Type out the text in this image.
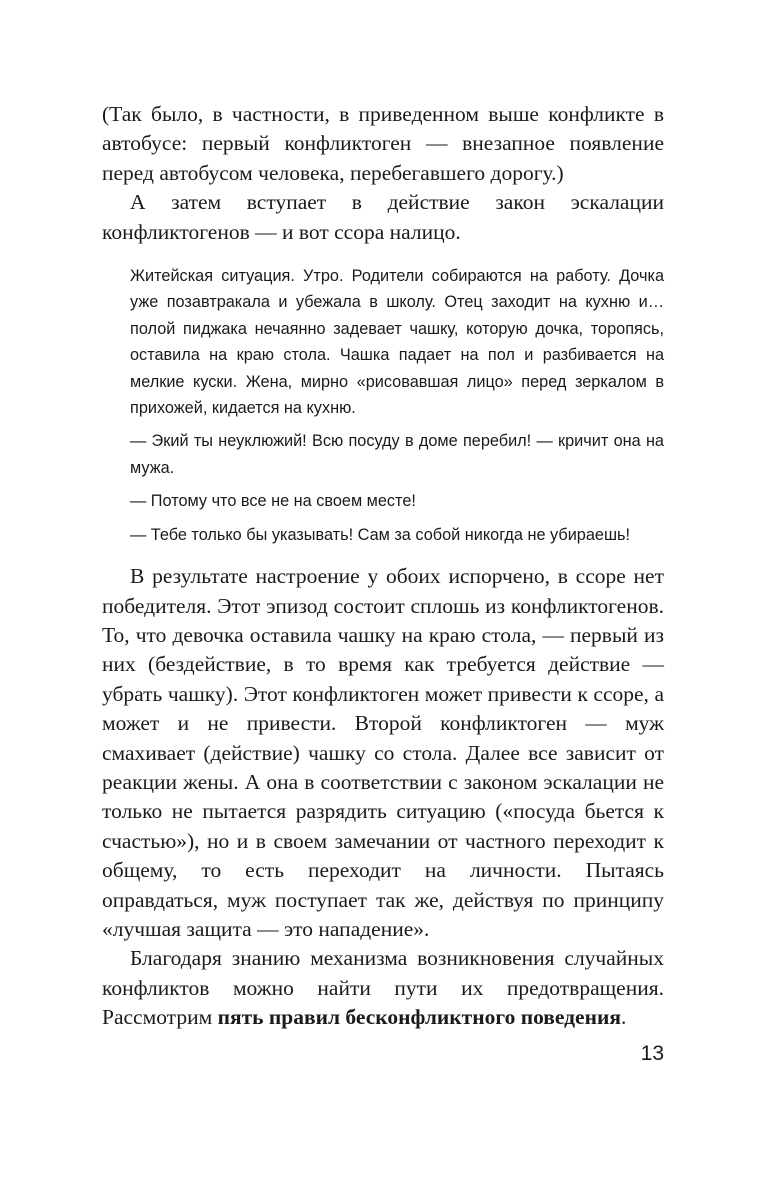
(Так было, в частности, в приведенном выше конфликте в автобусе: первый конфликтоген — внезапное появление перед автобусом человека, перебегавшего дорогу.)

А затем вступает в действие закон эскалации конфликтогенов — и вот ссора налицо.

Житейская ситуация. Утро. Родители собираются на работу. Дочка уже позавтракала и убежала в школу. Отец заходит на кухню и… полой пиджака нечаянно задевает чашку, которую дочка, торопясь, оставила на краю стола. Чашка падает на пол и разбивается на мелкие куски. Жена, мирно «рисовавшая лицо» перед зеркалом в прихожей, кидается на кухню.

— Экий ты неуклюжий! Всю посуду в доме перебил! — кричит она на мужа.

— Потому что все не на своем месте!

— Тебе только бы указывать! Сам за собой никогда не убираешь!

В результате настроение у обоих испорчено, в ссоре нет победителя. Этот эпизод состоит сплошь из конфликтогенов. То, что девочка оставила чашку на краю стола, — первый из них (бездействие, в то время как требуется действие — убрать чашку). Этот конфликтоген может привести к ссоре, а может и не привести. Второй конфликтоген — муж смахивает (действие) чашку со стола. Далее все зависит от реакции жены. А она в соответствии с законом эскалации не только не пытается разрядить ситуацию («посуда бьется к счастью»), но и в своем замечании от частного переходит к общему, то есть переходит на личности. Пытаясь оправдаться, муж поступает так же, действуя по принципу «лучшая защита — это нападение».

Благодаря знанию механизма возникновения случайных конфликтов можно найти пути их предотвращения. Рассмотрим пять правил бесконфликтного поведения.

13
